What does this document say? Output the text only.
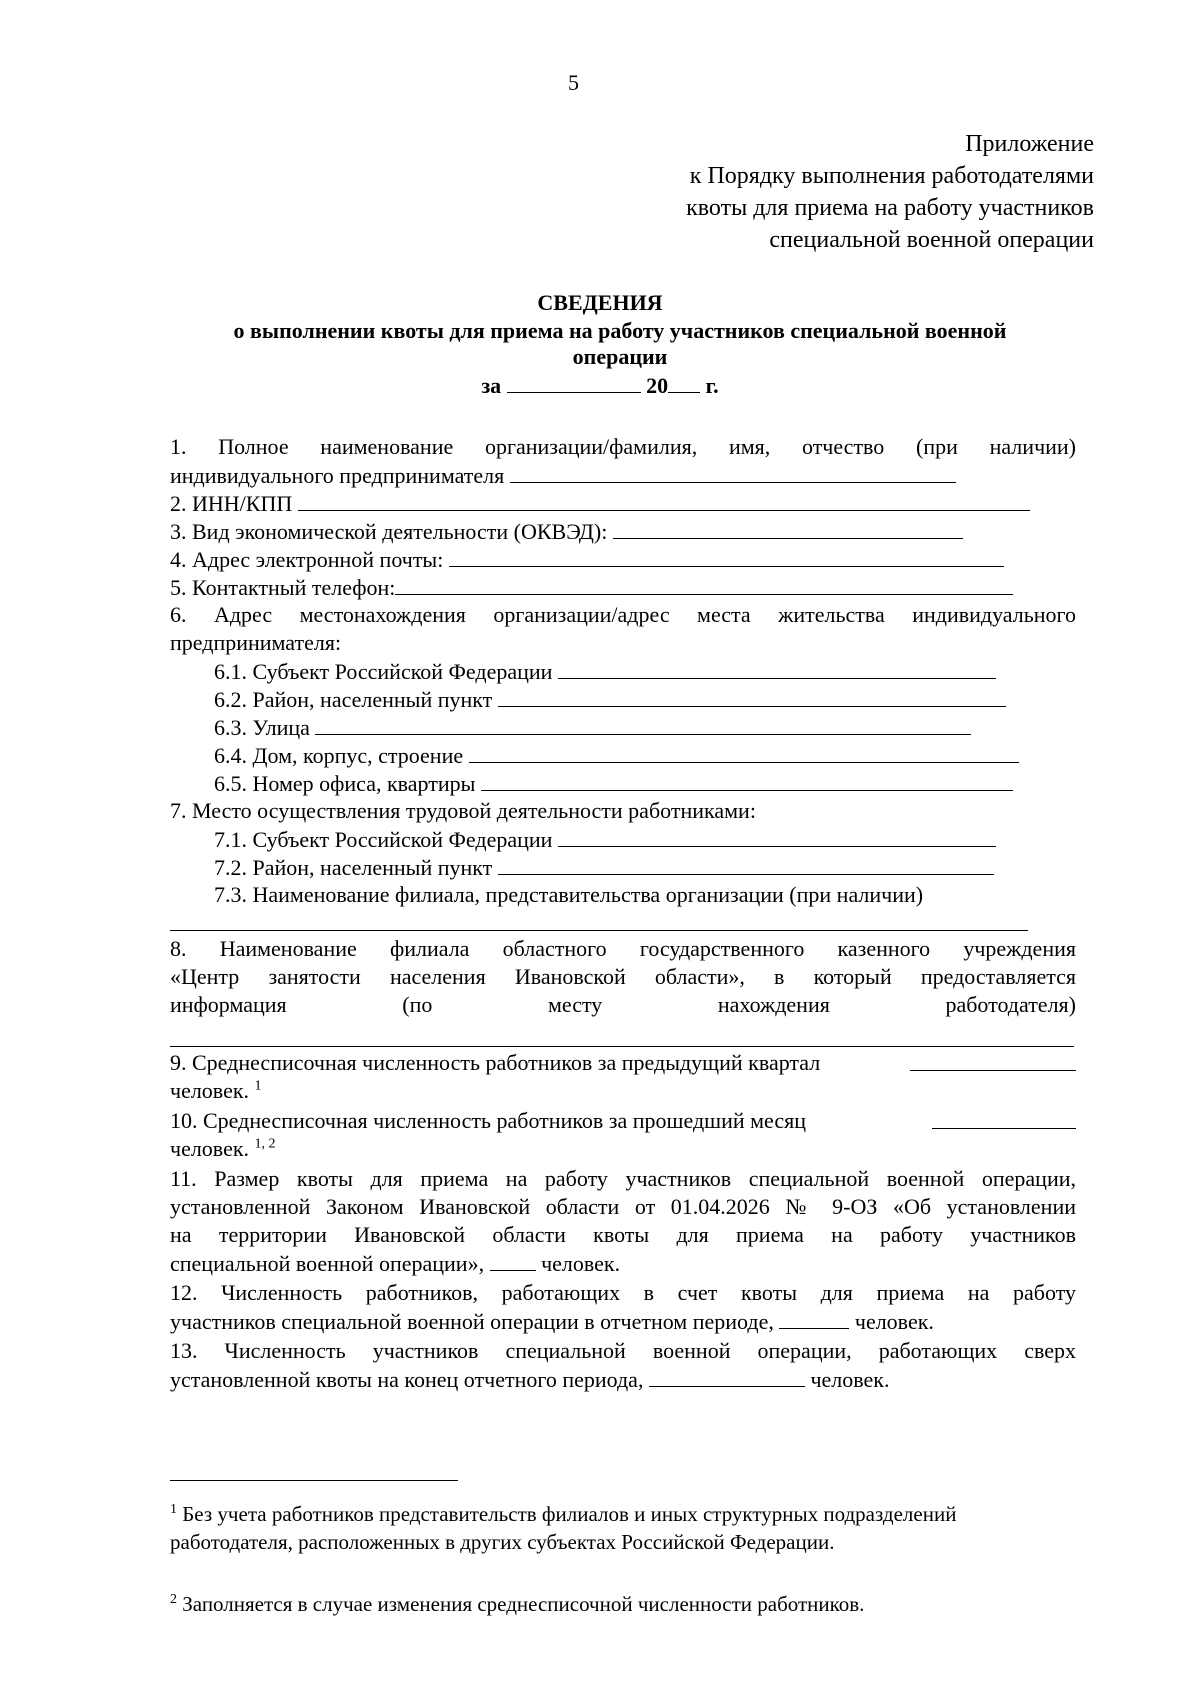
5
Приложение
к Порядку выполнения работодателями
квоты для приема на работу участников
специальной военной операции
СВЕДЕНИЯ
о выполнении квоты для приема на работу участников специальной военной
операции
за	20 г.
1. Полное наименование организации/фамилия, имя, отчество (при наличии)
индивидуального предпринимателя
2. ИНН/КПП
3. Вид экономической деятельности (ОКВЭД):
4. Адрес электронной почты:
5. Контактный телефон:
6. Адрес местонахождения организации/адрес места жительства индивидуального
предпринимателя:
6.1. Субъект Российской Федерации
6.2. Район, населенный пункт
6.3. Улица
6.4. Дом, корпус, строение
6.5. Номер офиса, квартиры
7. Место осуществления трудовой деятельности работниками:
7.1. Субъект Российской Федерации
7.2. Район, населенный пункт
7.3. Наименование филиала, представительства организации (при наличии)
8. Наименование филиала областного государственного казенного учреждения
«Центр занятости населения Ивановской области», в который предоставляется
информация (по месту нахождения работодателя)
9. Среднесписочная численность работников за предыдущий квартал
человек. $^1$
10. Среднесписочная численность работников за прошедший месяц
человек. $^{1, 2}$
11. Размер квоты для приема на работу участников специальной военной операции,
установленной Законом Ивановской области от 01.04.2026 № 9-ОЗ «Об установлении
на территории Ивановской области квоты для приема на работу участников
специальной военной операции»,	человек.
12. Численность работников, работающих в счет квоты для приема на работу
участников специальной военной операции в отчетном периоде,	человек.
13. Численность участников специальной военной операции, работающих сверх
установленной квоты на конец отчетного периода,	человек.
$^1$ Без учета работников представительств филиалов и иных структурных подразделений работодателя, расположенных в других субъектах Российской Федерации.
$^2$ Заполняется в случае изменения среднесписочной численности работников.
